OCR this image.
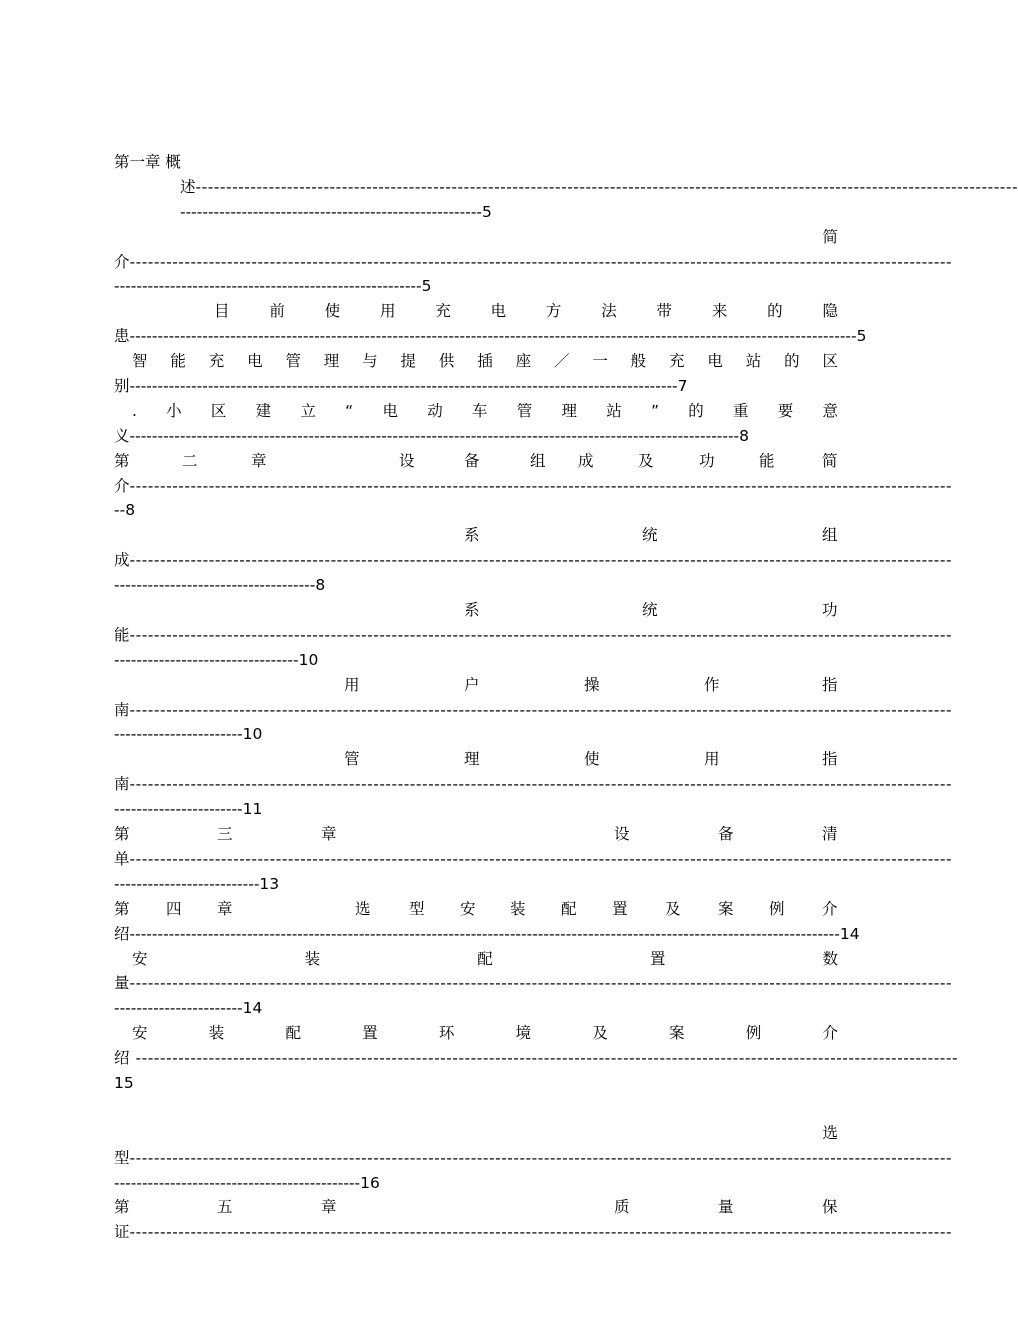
第一章 概
述 ---------------------------------------------------------------------------------------------------------------------------------------
------------------------------------------------------5
简
介 ---------------------------------------------------------------------------------------------------------------------------------------
-------------------------------------------------------5
目	前	使	用	充	电	方	法	带	来	的	隐
患----------------------------------------------------------------------------------------------------------------------------------5
智 能 充 电 管 理 与 提 供 插 座 ／ 一 般 充 电 站 的 区
别--------------------------------------------------------------------------------------------------7
. 小 区 建 立 “ 电 动 车 管 理 站 ” 的 重 要 意
义-------------------------------------------------------------------------------------------------------------8
第	二	章	设	备	组 成	及	功	能	简
介 ---------------------------------------------------------------------------------------------------------------------------------------
--8
系	统	组
成 ---------------------------------------------------------------------------------------------------------------------------------------
------------------------------------8
系	统	功
能 ---------------------------------------------------------------------------------------------------------------------------------------
---------------------------------10
用	户	操	作	指
南 ---------------------------------------------------------------------------------------------------------------------------------------
-----------------------10
管	理	使	用	指
南 ---------------------------------------------------------------------------------------------------------------------------------------
-----------------------11
第	三	章	设	备	清
单 ---------------------------------------------------------------------------------------------------------------------------------------
--------------------------13
第 四 章	选 型 安 装 配 置 及 案 例 介
绍-------------------------------------------------------------------------------------------------------------------------------14
安	装	配	置	数
量 ---------------------------------------------------------------------------------------------------------------------------------------
-----------------------14
安	装	配	置	环	境	及	案	例	介
绍 ---------------------------------------------------------------------------------------------------------------------------------------
15
选
型 ---------------------------------------------------------------------------------------------------------------------------------------
--------------------------------------------16
第	五	章	质	量	保
证 ---------------------------------------------------------------------------------------------------------------------------------------
